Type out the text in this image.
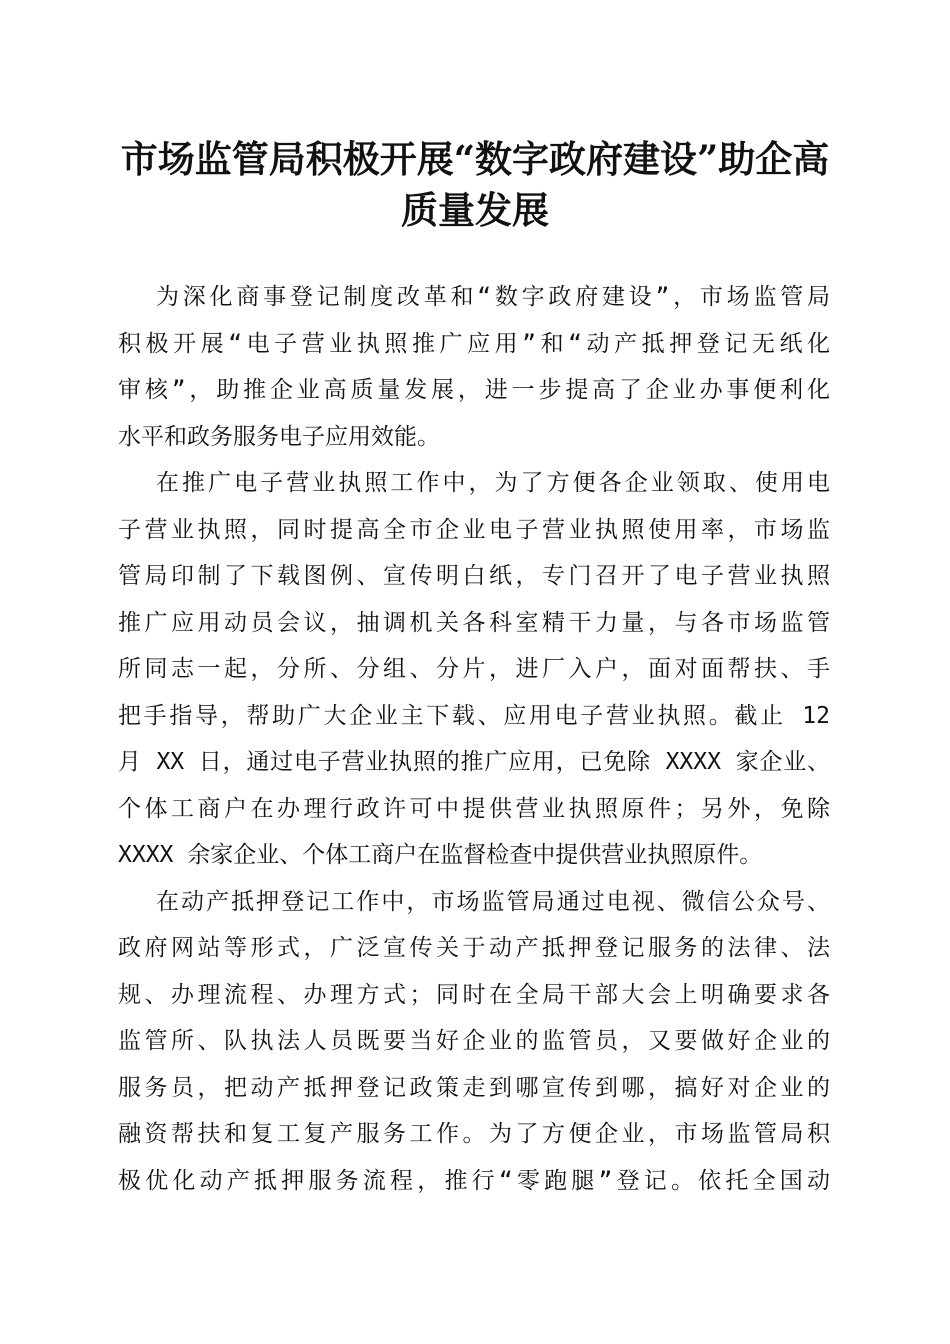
市场监管局积极开展“数字政府建设”助企高
质量发展
为深化商事登记制度改革和“数字政府建设”，市场监管局
积极开展“电子营业执照推广应用”和“动产抵押登记无纸化
审核”，助推企业高质量发展，进一步提高了企业办事便利化
水平和政务服务电子应用效能。
在推广电子营业执照工作中，为了方便各企业领取、使用电
子营业执照，同时提高全市企业电子营业执照使用率，市场监
管局印制了下载图例、宣传明白纸，专门召开了电子营业执照
推广应用动员会议，抽调机关各科室精干力量，与各市场监管
所同志一起，分所、分组、分片，进厂入户，面对面帮扶、手
把手指导，帮助广大企业主下载、应用电子营业执照。截止 12
月 XX 日，通过电子营业执照的推广应用，已免除 XXXX 家企业、
个体工商户在办理行政许可中提供营业执照原件；另外，免除
XXXX 余家企业、个体工商户在监督检查中提供营业执照原件。
在动产抵押登记工作中，市场监管局通过电视、微信公众号、
政府网站等形式，广泛宣传关于动产抵押登记服务的法律、法
规、办理流程、办理方式；同时在全局干部大会上明确要求各
监管所、队执法人员既要当好企业的监管员，又要做好企业的
服务员，把动产抵押登记政策走到哪宣传到哪，搞好对企业的
融资帮扶和复工复产服务工作。为了方便企业，市场监管局积
极优化动产抵押服务流程，推行“零跑腿”登记。依托全国动
